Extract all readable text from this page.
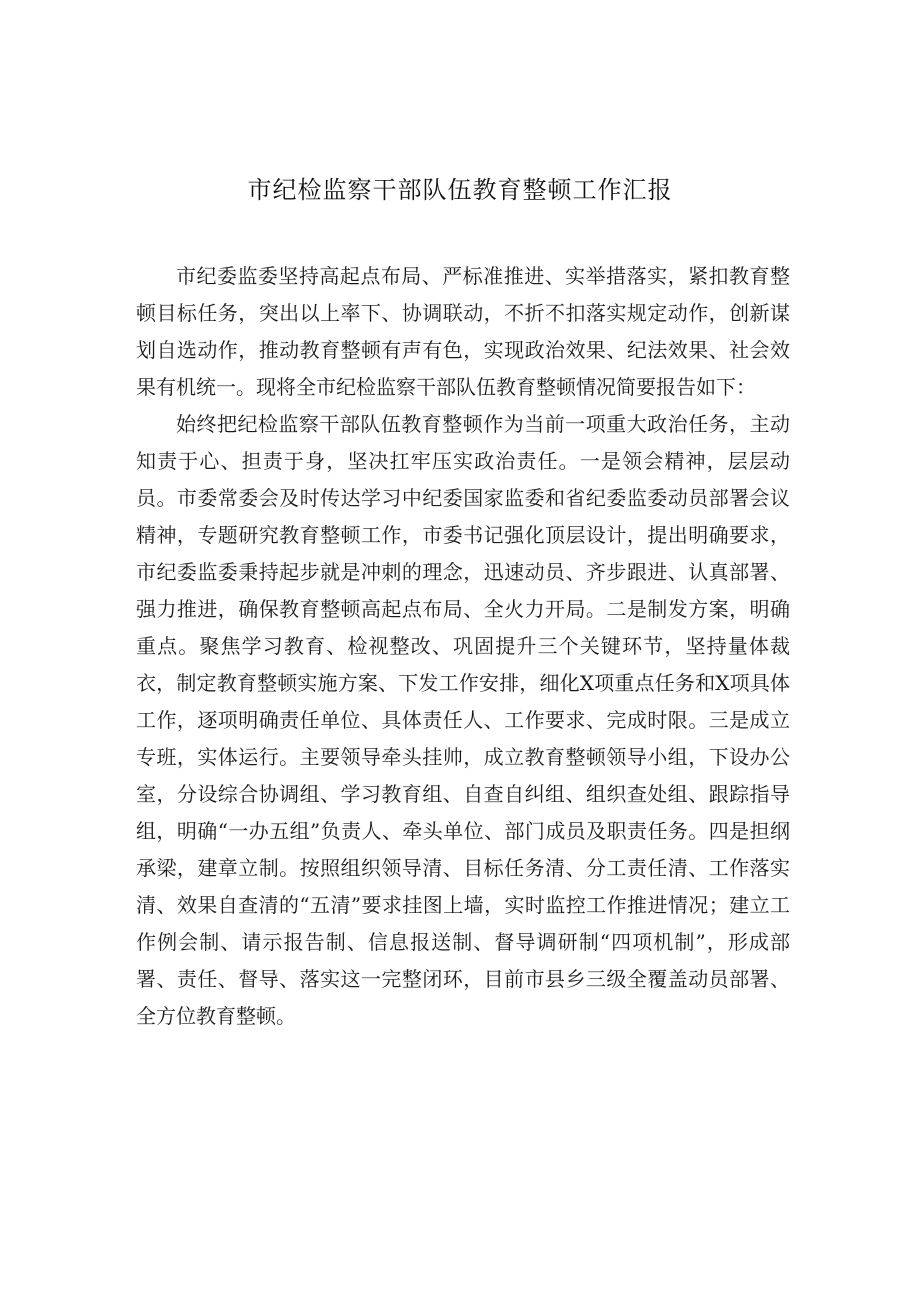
市纪检监察干部队伍教育整顿工作汇报

市纪委监委坚持高起点布局、严标准推进、实举措落实，紧扣教育整顿目标任务，突出以上率下、协调联动，不折不扣落实规定动作，创新谋划自选动作，推动教育整顿有声有色，实现政治效果、纪法效果、社会效果有机统一。现将全市纪检监察干部队伍教育整顿情况简要报告如下：

始终把纪检监察干部队伍教育整顿作为当前一项重大政治任务，主动知责于心、担责于身，坚决扛牢压实政治责任。一是领会精神，层层动员。市委常委会及时传达学习中纪委国家监委和省纪委监委动员部署会议精神，专题研究教育整顿工作，市委书记强化顶层设计，提出明确要求，市纪委监委秉持起步就是冲刺的理念，迅速动员、齐步跟进、认真部署、强力推进，确保教育整顿高起点布局、全火力开局。二是制发方案，明确重点。聚焦学习教育、检视整改、巩固提升三个关键环节，坚持量体裁衣，制定教育整顿实施方案、下发工作安排，细化X项重点任务和X项具体工作，逐项明确责任单位、具体责任人、工作要求、完成时限。三是成立专班，实体运行。主要领导牵头挂帅，成立教育整顿领导小组，下设办公室，分设综合协调组、学习教育组、自查自纠组、组织查处组、跟踪指导组，明确“一办五组”负责人、牵头单位、部门成员及职责任务。四是担纲承梁，建章立制。按照组织领导清、目标任务清、分工责任清、工作落实清、效果自查清的“五清”要求挂图上墙，实时监控工作推进情况；建立工作例会制、请示报告制、信息报送制、督导调研制“四项机制”，形成部署、责任、督导、落实这一完整闭环，目前市县乡三级全覆盖动员部署、全方位教育整顿。
